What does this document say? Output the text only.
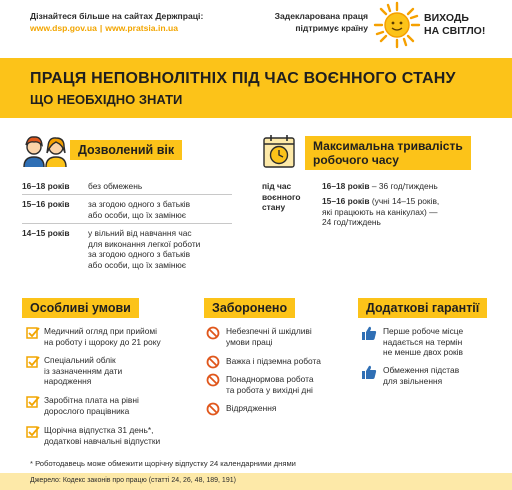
Дізнайтеся більше на сайтах Держпраці:
www.dsp.gov.ua | www.pratsia.in.ua
Задекларована праця
підтримує країну
ВИХОДЬ
НА СВІТЛО!
ПРАЦЯ НЕПОВНОЛІТНІХ ПІД ЧАС ВОЄННОГО СТАНУ
ЩО НЕОБХІДНО ЗНАТИ
Дозволений вік
16–18 років без обмежень
15–16 років за згодою одного з батьків
або особи, що їх замінює
14–15 років у вільний від навчання час
для виконання легкої роботи
за згодою одного з батьків
або особи, що їх замінює
Максимальна тривалість
робочого часу
під час
воєнного
стану
16–18 років – 36 год/тиждень
15–16 років (учні 14–15 років,
які працюють на канікулах) —
24 год/тиждень
Особливі умови
Медичний огляд при прийомі
на роботу і щороку до 21 року
Спеціальний облік
із зазначенням дати
народження
Заробітна плата на рівні
дорослого працівника
Щорічна відпустка 31 день*,
додаткові навчальні відпустки
Заборонено
Небезпечні й шкідливі
умови праці
Важка і підземна робота
Понаднормова робота
та робота у вихідні дні
Відрядження
Додаткові гарантії
Перше робоче місце
надається на термін
не менше двох років
Обмеження підстав
для звільнення
* Роботодавець може обмежити щорічну відпустку 24 календарними днями
Джерело: Кодекс законів про працю (статті 24, 26, 48, 189, 191)
